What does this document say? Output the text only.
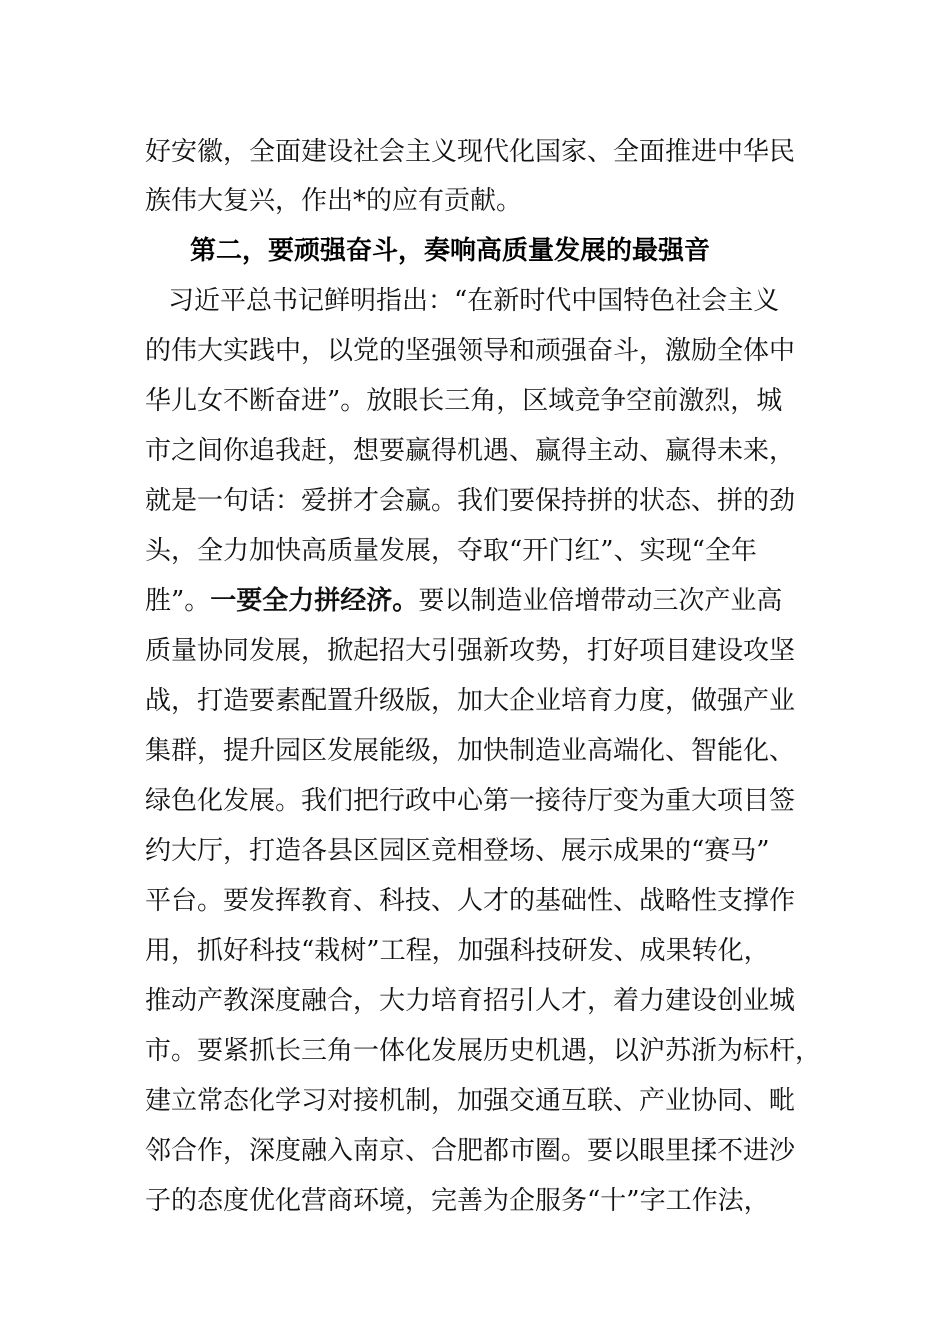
好安徽，全面建设社会主义现代化国家、全面推进中华民
族伟大复兴，作出*的应有贡献。
第二，要顽强奋斗，奏响高质量发展的最强音
习近平总书记鲜明指出：“在新时代中国特色社会主义
的伟大实践中，以党的坚强领导和顽强奋斗，激励全体中
华儿女不断奋进”。放眼长三角，区域竞争空前激烈，城
市之间你追我赶，想要赢得机遇、赢得主动、赢得未来，
就是一句话：爱拼才会赢。我们要保持拼的状态、拼的劲
头，全力加快高质量发展，夺取“开门红”、实现“全年
胜”。一要全力拼经济。要以制造业倍增带动三次产业高
质量协同发展，掀起招大引强新攻势，打好项目建设攻坚
战，打造要素配置升级版，加大企业培育力度，做强产业
集群，提升园区发展能级，加快制造业高端化、智能化、
绿色化发展。我们把行政中心第一接待厅变为重大项目签
约大厅，打造各县区园区竞相登场、展示成果的“赛马”
平台。要发挥教育、科技、人才的基础性、战略性支撑作
用，抓好科技“栽树”工程，加强科技研发、成果转化，
推动产教深度融合，大力培育招引人才，着力建设创业城
市。要紧抓长三角一体化发展历史机遇，以沪苏浙为标杆，
建立常态化学习对接机制，加强交通互联、产业协同、毗
邻合作，深度融入南京、合肥都市圈。要以眼里揉不进沙
子的态度优化营商环境，完善为企服务“十”字工作法，
